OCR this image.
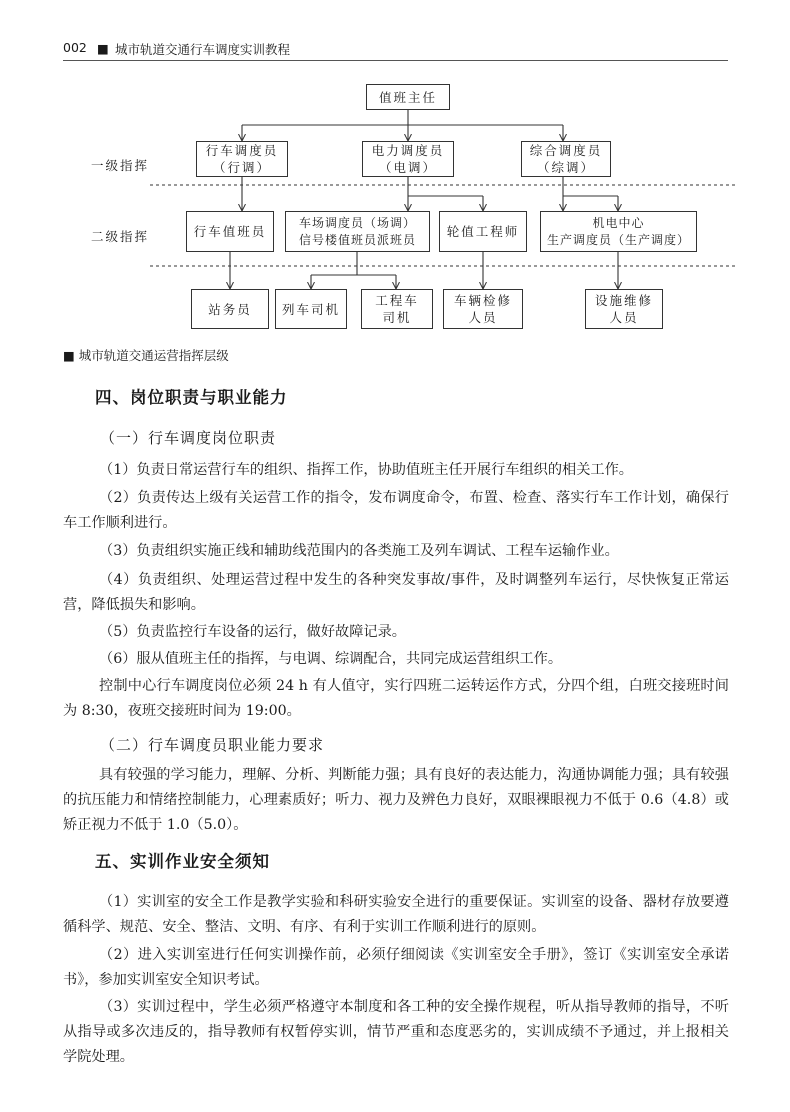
002 ■ 城市轨道交通行车调度实训教程
值班主任
一级指挥
行车调度员
（行调）
电力调度员
（电调）
综合调度员
（综调）
二级指挥	行车值班员
车场调度员（场调）
信号楼值班员派班员
轮值工程师
机电中心
生产调度员（生产调度）
站务员	列车司机
工程车
司机
车辆检修
人员
设施维修
人员
■ 城市轨道交通运营指挥层级
四、岗位职责与职业能力
（一）行车调度岗位职责
（1）负责日常运营行车的组织、指挥工作，协助值班主任开展行车组织的相关工作。
（2）负责传达上级有关运营工作的指令，发布调度命令，布置、检查、落实行车工作计划，确保行车工作顺利进行。
（3）负责组织实施正线和辅助线范围内的各类施工及列车调试、工程车运输作业。
（4）负责组织、处理运营过程中发生的各种突发事故/事件，及时调整列车运行，尽快恢复正常运营，降低损失和影响。
（5）负责监控行车设备的运行，做好故障记录。
（6）服从值班主任的指挥，与电调、综调配合，共同完成运营组织工作。
控制中心行车调度岗位必须 24 h 有人值守，实行四班二运转运作方式，分四个组，白班交接班时间为 8:30，夜班交接班时间为 19:00。
（二）行车调度员职业能力要求
具有较强的学习能力，理解、分析、判断能力强；具有良好的表达能力，沟通协调能力强；具有较强的抗压能力和情绪控制能力，心理素质好；听力、视力及辨色力良好，双眼裸眼视力不低于 0.6（4.8）或矫正视力不低于 1.0（5.0）。
五、实训作业安全须知
（1）实训室的安全工作是教学实验和科研实验安全进行的重要保证。实训室的设备、器材存放要遵循科学、规范、安全、整洁、文明、有序、有利于实训工作顺利进行的原则。
（2）进入实训室进行任何实训操作前，必须仔细阅读《实训室安全手册》，签订《实训室安全承诺书》，参加实训室安全知识考试。
（3）实训过程中，学生必须严格遵守本制度和各工种的安全操作规程，听从指导教师的指导，不听从指导或多次违反的，指导教师有权暂停实训，情节严重和态度恶劣的，实训成绩不予通过，并上报相关学院处理。
